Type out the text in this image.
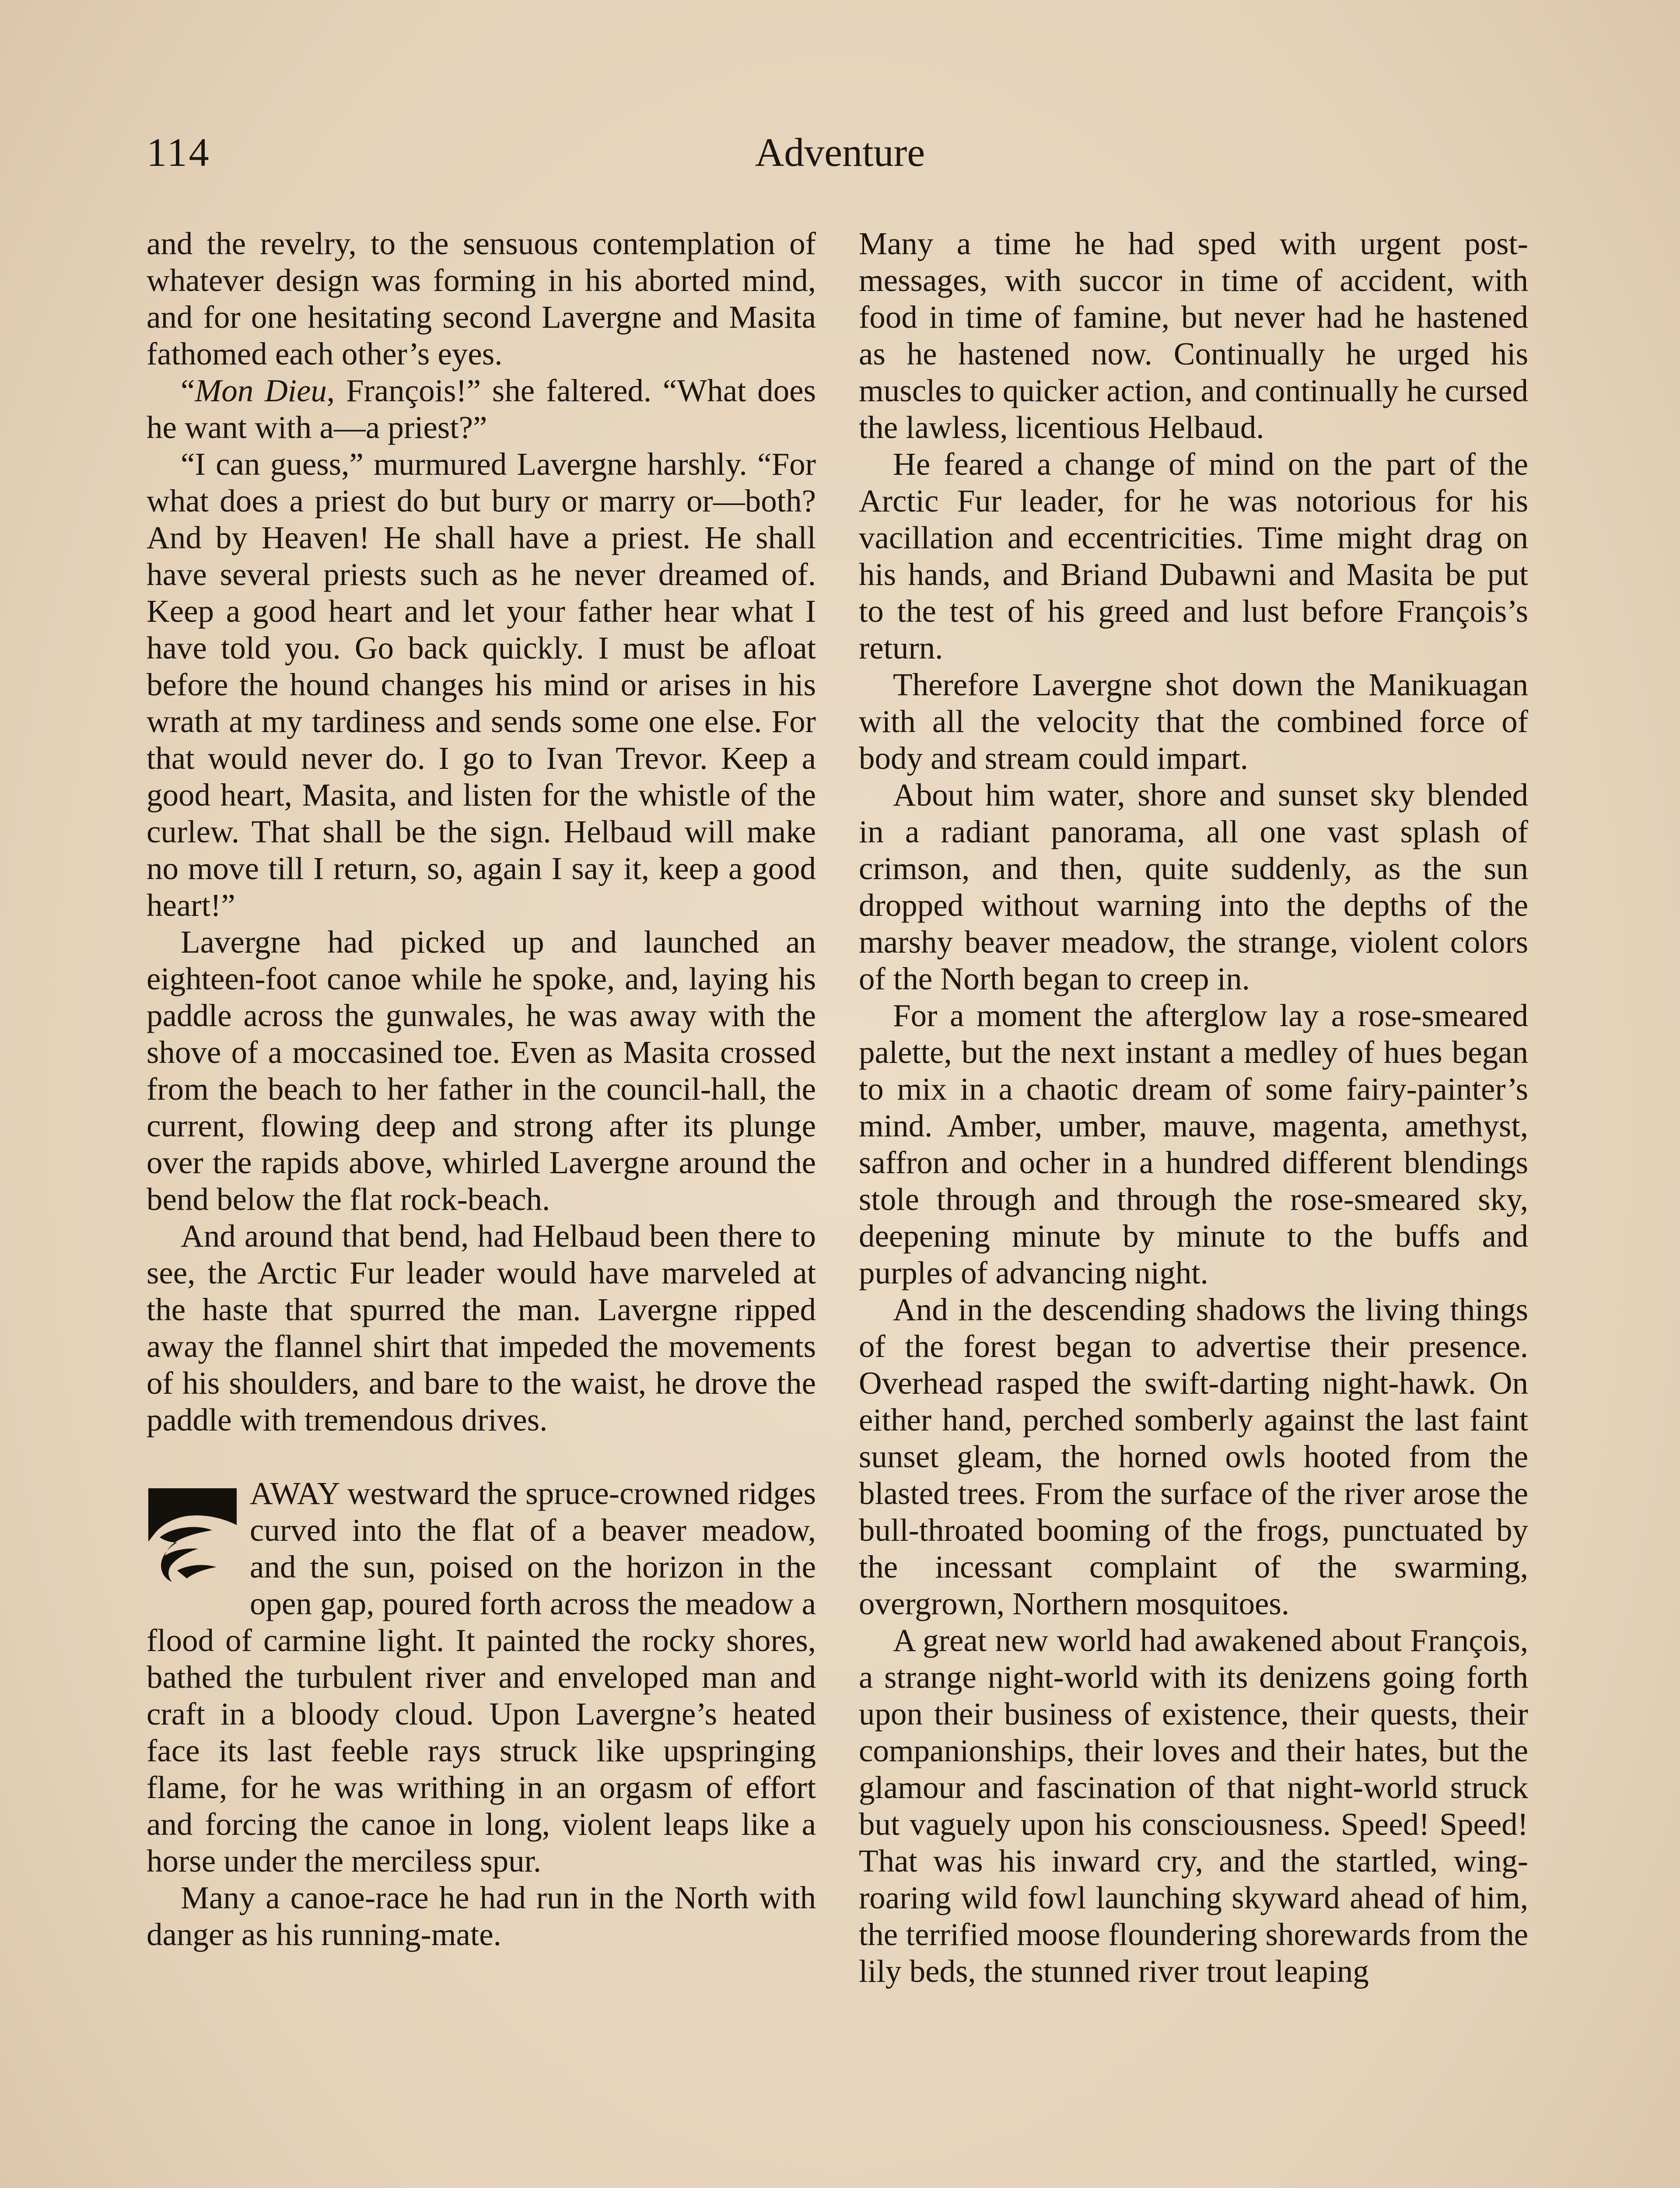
114	Adventure

and the revelry, to the sensuous contemplation of whatever design was forming in his aborted mind, and for one hesitating second Lavergne and Masita fathomed each other’s eyes.

“Mon Dieu, François!” she faltered. “What does he want with a—a priest?”

“I can guess,” murmured Lavergne harshly. “For what does a priest do but bury or marry or—both? And by Heaven! He shall have a priest. He shall have several priests such as he never dreamed of. Keep a good heart and let your father hear what I have told you. Go back quickly. I must be afloat before the hound changes his mind or arises in his wrath at my tardiness and sends some one else. For that would never do. I go to Ivan Trevor. Keep a good heart, Masita, and listen for the whistle of the curlew. That shall be the sign. Helbaud will make no move till I return, so, again I say it, keep a good heart!”

Lavergne had picked up and launched an eighteen-foot canoe while he spoke, and, laying his paddle across the gunwales, he was away with the shove of a moccasined toe. Even as Masita crossed from the beach to her father in the council-hall, the current, flowing deep and strong after its plunge over the rapids above, whirled Lavergne around the bend below the flat rock-beach.

And around that bend, had Helbaud been there to see, the Arctic Fur leader would have marveled at the haste that spurred the man. Lavergne ripped away the flannel shirt that impeded the movements of his shoulders, and bare to the waist, he drove the paddle with tremendous drives.

AWAY westward the spruce-crowned ridges curved into the flat of a beaver meadow, and the sun, poised on the horizon in the open gap, poured forth across the meadow a flood of carmine light. It painted the rocky shores, bathed the turbulent river and enveloped man and craft in a bloody cloud. Upon Lavergne’s heated face its last feeble rays struck like upspringing flame, for he was writhing in an orgasm of effort and forcing the canoe in long, violent leaps like a horse under the merciless spur.

Many a canoe-race he had run in the North with danger as his running-mate.

Many a time he had sped with urgent post-messages, with succor in time of accident, with food in time of famine, but never had he hastened as he hastened now. Continually he urged his muscles to quicker action, and continually he cursed the lawless, licentious Helbaud.

He feared a change of mind on the part of the Arctic Fur leader, for he was notorious for his vacillation and eccentricities. Time might drag on his hands, and Briand Dubawni and Masita be put to the test of his greed and lust before François’s return.

Therefore Lavergne shot down the Manikuagan with all the velocity that the combined force of body and stream could impart.

About him water, shore and sunset sky blended in a radiant panorama, all one vast splash of crimson, and then, quite suddenly, as the sun dropped without warning into the depths of the marshy beaver meadow, the strange, violent colors of the North began to creep in.

For a moment the afterglow lay a rose-smeared palette, but the next instant a medley of hues began to mix in a chaotic dream of some fairy-painter’s mind. Amber, umber, mauve, magenta, amethyst, saffron and ocher in a hundred different blendings stole through and through the rose-smeared sky, deepening minute by minute to the buffs and purples of advancing night.

And in the descending shadows the living things of the forest began to advertise their presence. Overhead rasped the swift-darting night-hawk. On either hand, perched somberly against the last faint sunset gleam, the horned owls hooted from the blasted trees. From the surface of the river arose the bull-throated booming of the frogs, punctuated by the incessant complaint of the swarming, overgrown, Northern mosquitoes.

A great new world had awakened about François, a strange night-world with its denizens going forth upon their business of existence, their quests, their companionships, their loves and their hates, but the glamour and fascination of that night-world struck but vaguely upon his consciousness. Speed! Speed! That was his inward cry, and the startled, wing-roaring wild fowl launching skyward ahead of him, the terrified moose floundering shorewards from the lily beds, the stunned river trout leaping
